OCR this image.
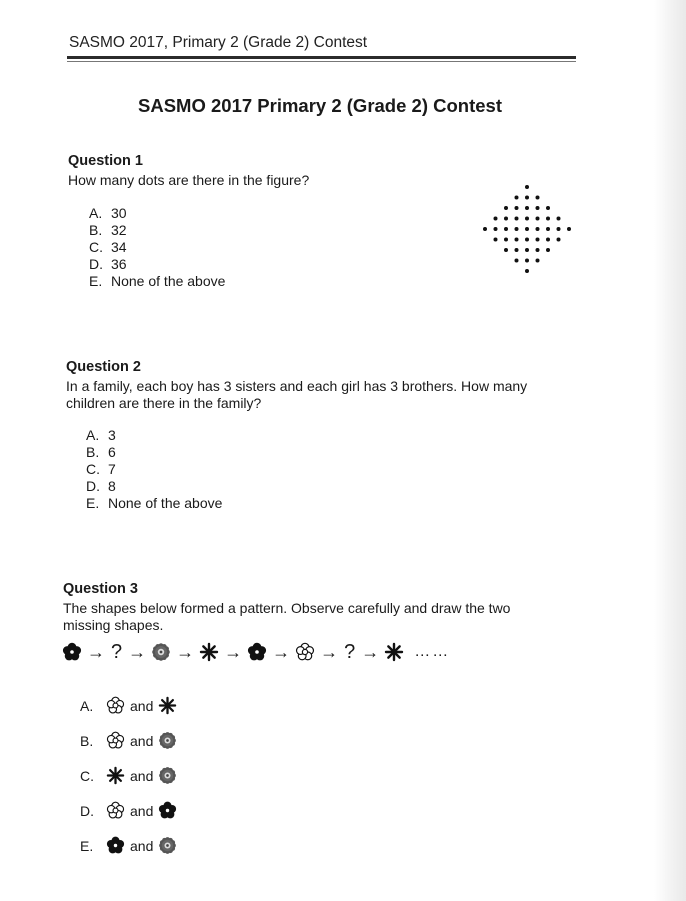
SASMO 2017, Primary 2 (Grade 2) Contest
SASMO 2017 Primary 2 (Grade 2) Contest
Question 1
How many dots are there in the figure?
A. 30
B. 32
C. 34
D. 36
E. None of the above
Question 2
In a family, each boy has 3 sisters and each girl has 3 brothers. How many
children are there in the family?
A. 3
B. 6
C. 7
D. 8
E. None of the above
Question 3
The shapes below formed a pattern. Observe carefully and draw the two
missing shapes.
→ ? → → → → → ? → ……
A.	and
B.	and
C.	and
D.	and
E.	and
